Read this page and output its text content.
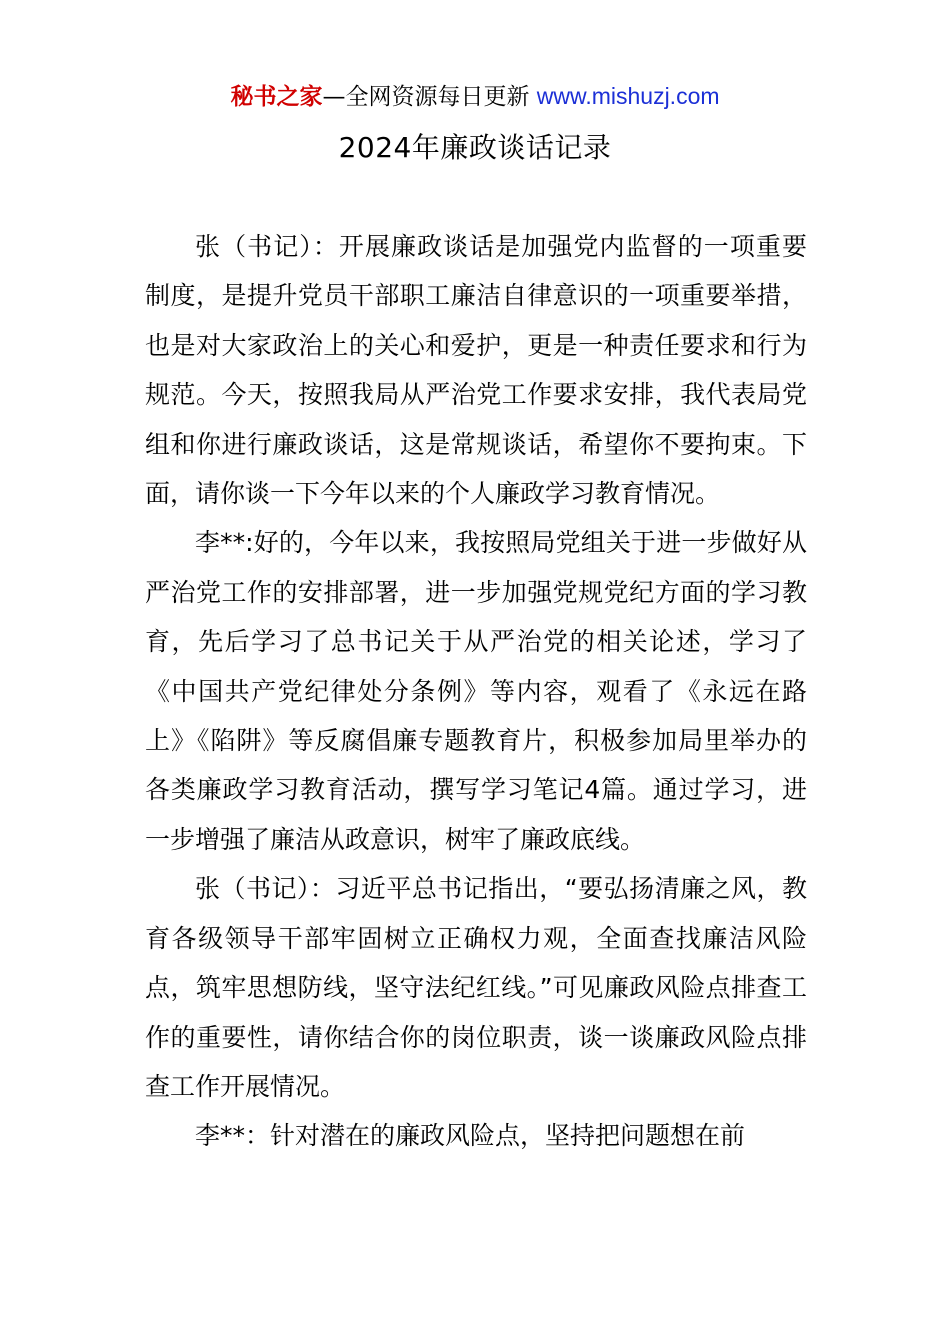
秘书之家—全网资源每日更新 www.mishuzj.com
2024年廉政谈话记录

张（书记）：开展廉政谈话是加强党内监督的一项重要制度，是提升党员干部职工廉洁自律意识的一项重要举措，也是对大家政治上的关心和爱护，更是一种责任要求和行为规范。今天，按照我局从严治党工作要求安排，我代表局党组和你进行廉政谈话，这是常规谈话，希望你不要拘束。下面，请你谈一下今年以来的个人廉政学习教育情况。

李**:好的，今年以来，我按照局党组关于进一步做好从严治党工作的安排部署，进一步加强党规党纪方面的学习教育，先后学习了总书记关于从严治党的相关论述，学习了《中国共产党纪律处分条例》等内容，观看了《永远在路上》《陷阱》等反腐倡廉专题教育片，积极参加局里举办的各类廉政学习教育活动，撰写学习笔记4篇。通过学习，进一步增强了廉洁从政意识，树牢了廉政底线。

张（书记）：习近平总书记指出，“要弘扬清廉之风，教育各级领导干部牢固树立正确权力观，全面查找廉洁风险点，筑牢思想防线，坚守法纪红线。”可见廉政风险点排查工作的重要性，请你结合你的岗位职责，谈一谈廉政风险点排查工作开展情况。

李**：针对潜在的廉政风险点，坚持把问题想在前
